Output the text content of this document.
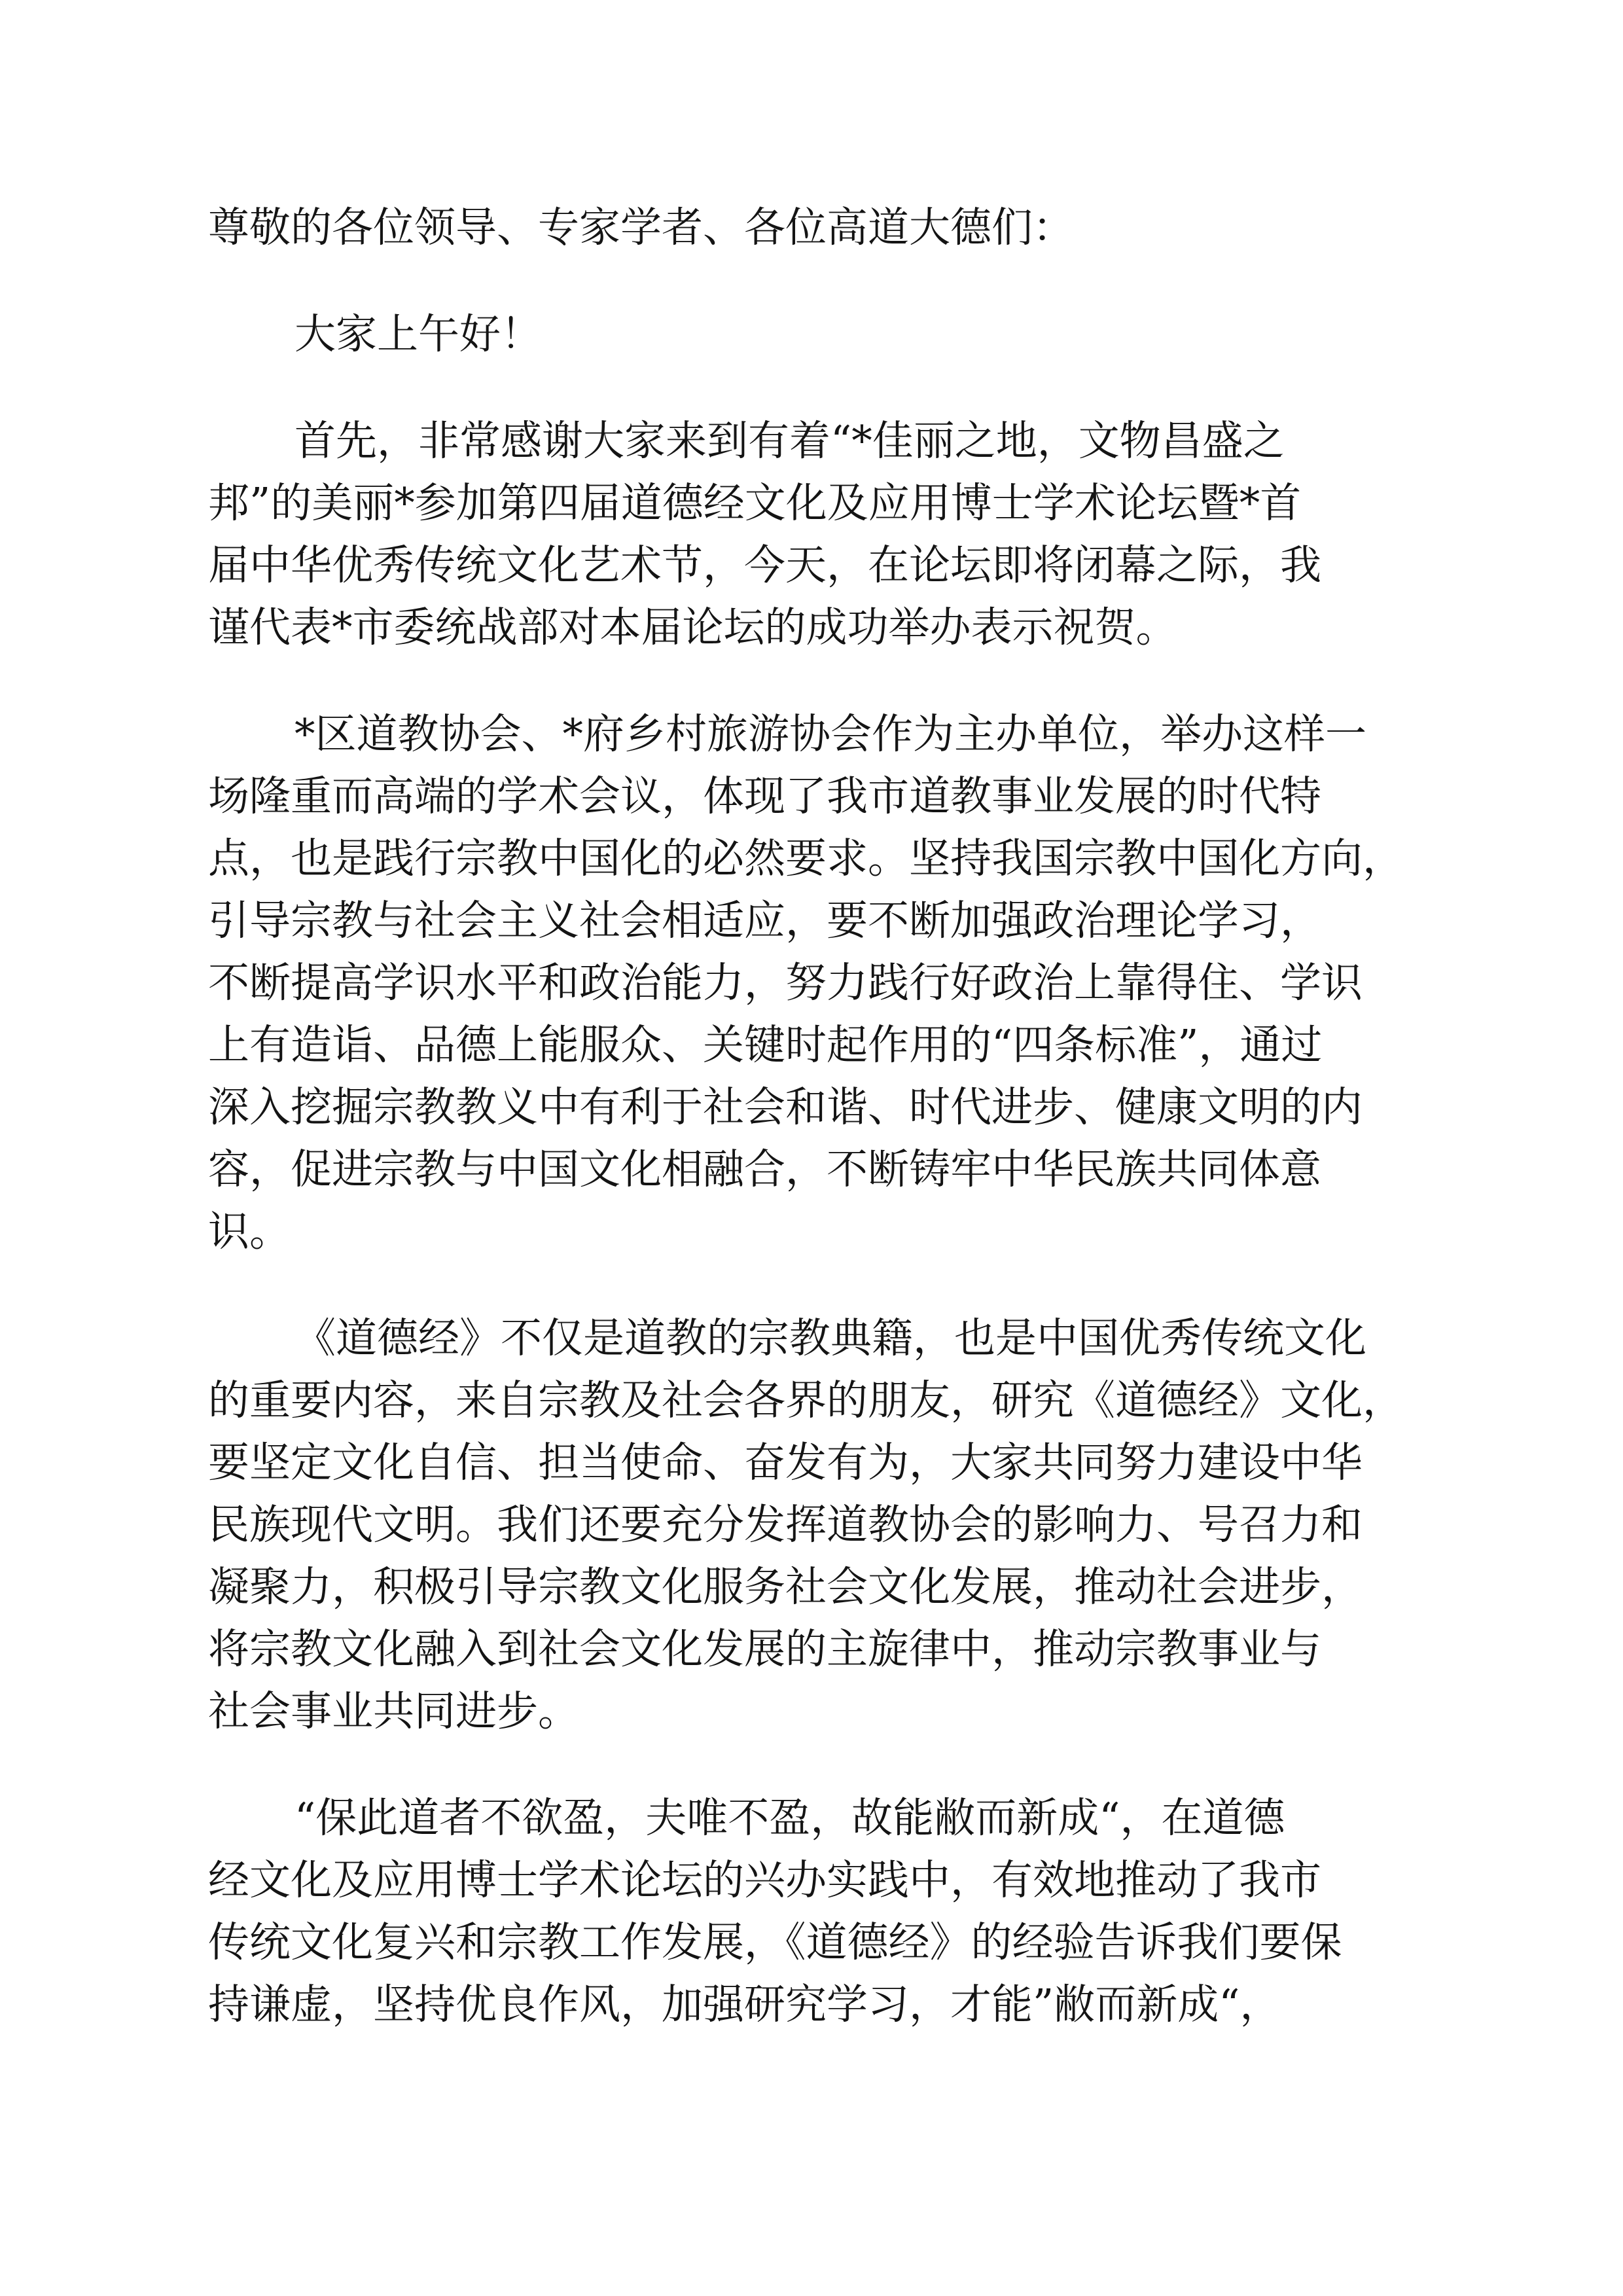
尊敬的各位领导、专家学者、各位高道大德们：
大家上午好！
首先，非常感谢大家来到有着“*佳丽之地，文物昌盛之
邦”的美丽*参加第四届道德经文化及应用博士学术论坛暨*首
届中华优秀传统文化艺术节，今天，在论坛即将闭幕之际，我
谨代表*市委统战部对本届论坛的成功举办表示祝贺。
*区道教协会、*府乡村旅游协会作为主办单位，举办这样一
场隆重而高端的学术会议，体现了我市道教事业发展的时代特
点，也是践行宗教中国化的必然要求。坚持我国宗教中国化方向，
引导宗教与社会主义社会相适应，要不断加强政治理论学习，
不断提高学识水平和政治能力，努力践行好政治上靠得住、学识
上有造诣、品德上能服众、关键时起作用的“四条标准”，通过
深入挖掘宗教教义中有利于社会和谐、时代进步、健康文明的内
容，促进宗教与中国文化相融合，不断铸牢中华民族共同体意
识。
《道德经》不仅是道教的宗教典籍，也是中国优秀传统文化
的重要内容，来自宗教及社会各界的朋友，研究《道德经》文化，
要坚定文化自信、担当使命、奋发有为，大家共同努力建设中华
民族现代文明。我们还要充分发挥道教协会的影响力、号召力和
凝聚力，积极引导宗教文化服务社会文化发展，推动社会进步，
将宗教文化融入到社会文化发展的主旋律中，推动宗教事业与
社会事业共同进步。
“保此道者不欲盈，夫唯不盈，故能敝而新成“，在道德
经文化及应用博士学术论坛的兴办实践中，有效地推动了我市
传统文化复兴和宗教工作发展，《道德经》的经验告诉我们要保
持谦虚，坚持优良作风，加强研究学习，才能”敝而新成“，
